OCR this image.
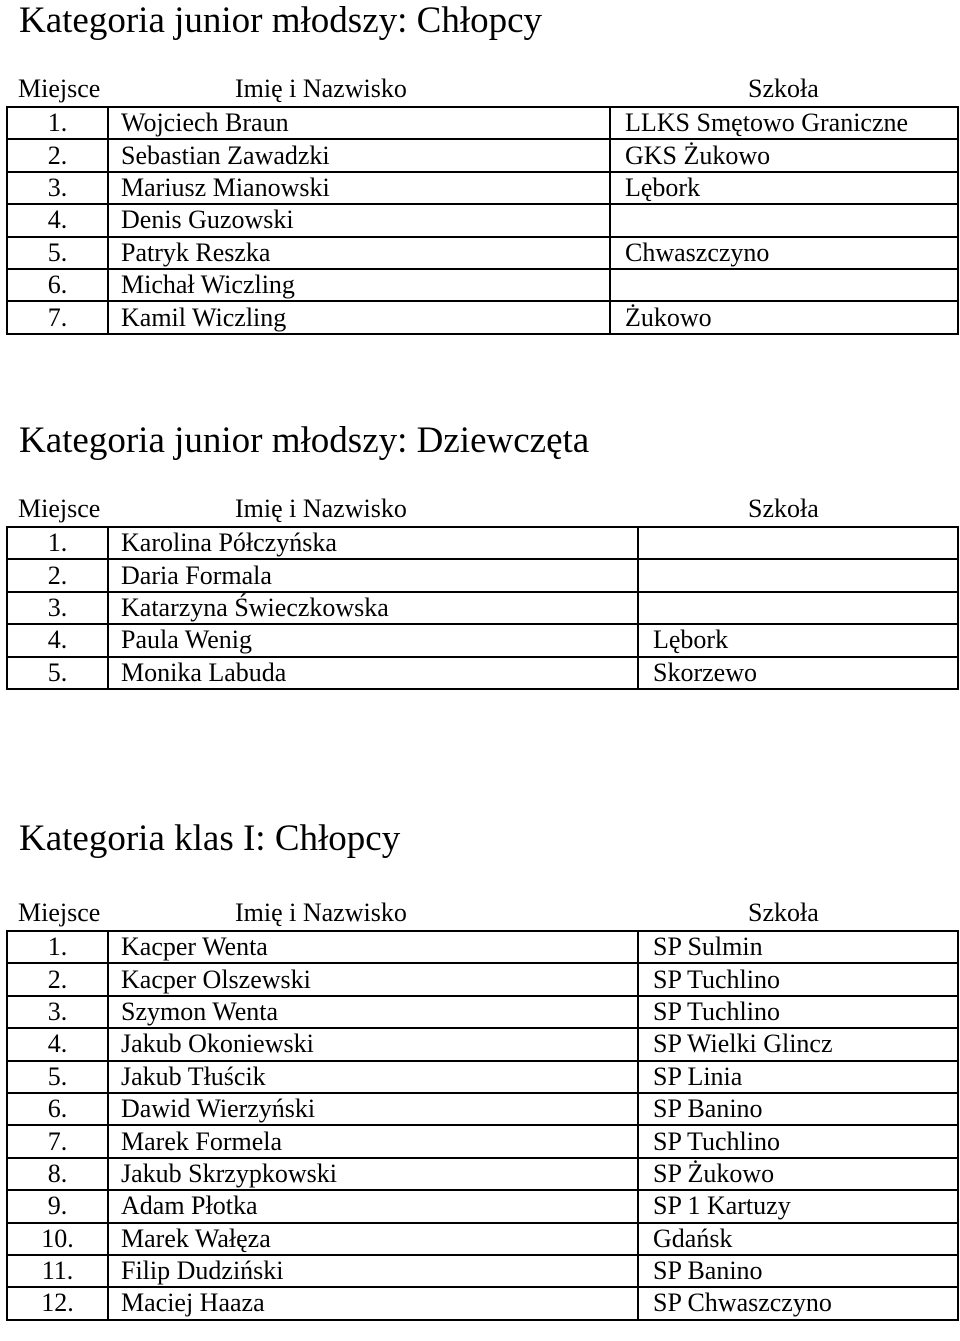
Kategoria junior młodszy: Chłopcy
Miejsce	Imię i Nazwisko	Szkoła
1.	Wojciech Braun	LLKS Smętowo Graniczne
2.	Sebastian Zawadzki	GKS Żukowo
3.	Mariusz Mianowski	Lębork
4.	Denis Guzowski	
5.	Patryk Reszka	Chwaszczyno
6.	Michał Wiczling	
7.	Kamil Wiczling	Żukowo
Kategoria junior młodszy: Dziewczęta
Miejsce	Imię i Nazwisko	Szkoła
1.	Karolina Półczyńska	
2.	Daria Formala	
3.	Katarzyna Świeczkowska	
4.	Paula Wenig	Lębork
5.	Monika Labuda	Skorzewo
Kategoria klas I: Chłopcy
Miejsce	Imię i Nazwisko	Szkoła
1.	Kacper Wenta	SP Sulmin
2.	Kacper Olszewski	SP Tuchlino
3.	Szymon Wenta	SP Tuchlino
4.	Jakub Okoniewski	SP Wielki Glincz
5.	Jakub Tłuścik	SP Linia
6.	Dawid Wierzyński	SP Banino
7.	Marek Formela	SP Tuchlino
8.	Jakub Skrzypkowski	SP Żukowo
9.	Adam Płotka	SP 1 Kartuzy
10.	Marek Wałęza	Gdańsk
11.	Filip Dudziński	SP Banino
12.	Maciej Haaza	SP Chwaszczyno
